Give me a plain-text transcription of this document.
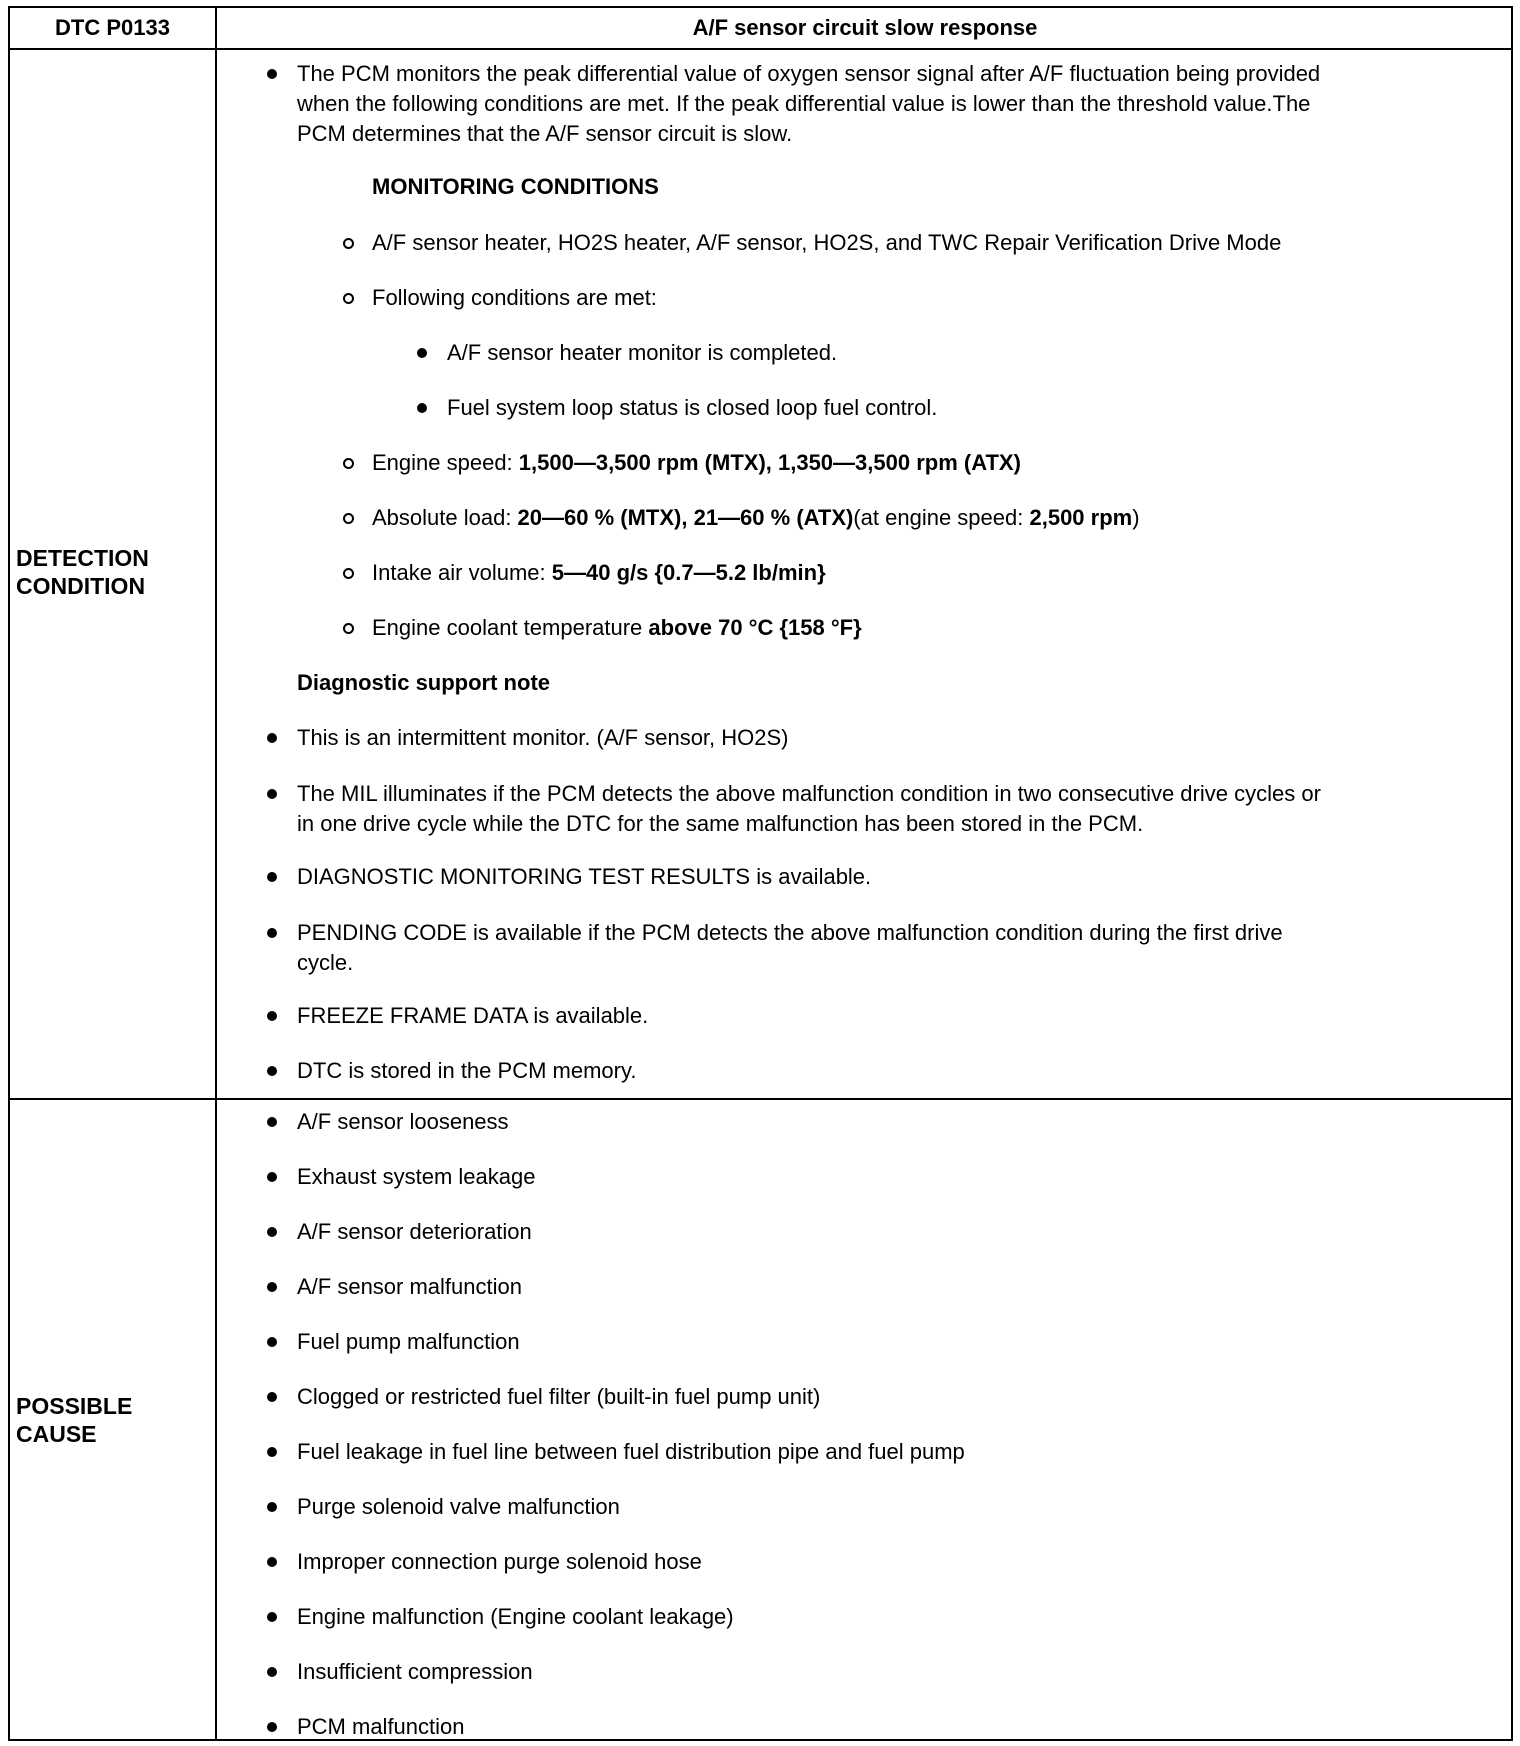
DTC P0133	A/F sensor circuit slow response
DETECTION
CONDITION
The PCM monitors the peak differential value of oxygen sensor signal after A/F fluctuation being provided
when the following conditions are met. If the peak differential value is lower than the threshold value.The
PCM determines that the A/F sensor circuit is slow.
MONITORING CONDITIONS
A/F sensor heater, HO2S heater, A/F sensor, HO2S, and TWC Repair Verification Drive Mode
Following conditions are met:
A/F sensor heater monitor is completed.
Fuel system loop status is closed loop fuel control.
Engine speed: 1,500—3,500 rpm (MTX), 1,350—3,500 rpm (ATX)
Absolute load: 20—60 % (MTX), 21—60 % (ATX)(at engine speed: 2,500 rpm)
Intake air volume: 5—40 g/s {0.7—5.2 lb/min}
Engine coolant temperature above 70 °C {158 °F}
Diagnostic support note
This is an intermittent monitor. (A/F sensor, HO2S)
The MIL illuminates if the PCM detects the above malfunction condition in two consecutive drive cycles or
in one drive cycle while the DTC for the same malfunction has been stored in the PCM.
DIAGNOSTIC MONITORING TEST RESULTS is available.
PENDING CODE is available if the PCM detects the above malfunction condition during the first drive
cycle.
FREEZE FRAME DATA is available.
DTC is stored in the PCM memory.
POSSIBLE
CAUSE
A/F sensor looseness
Exhaust system leakage
A/F sensor deterioration
A/F sensor malfunction
Fuel pump malfunction
Clogged or restricted fuel filter (built-in fuel pump unit)
Fuel leakage in fuel line between fuel distribution pipe and fuel pump
Purge solenoid valve malfunction
Improper connection purge solenoid hose
Engine malfunction (Engine coolant leakage)
Insufficient compression
PCM malfunction
